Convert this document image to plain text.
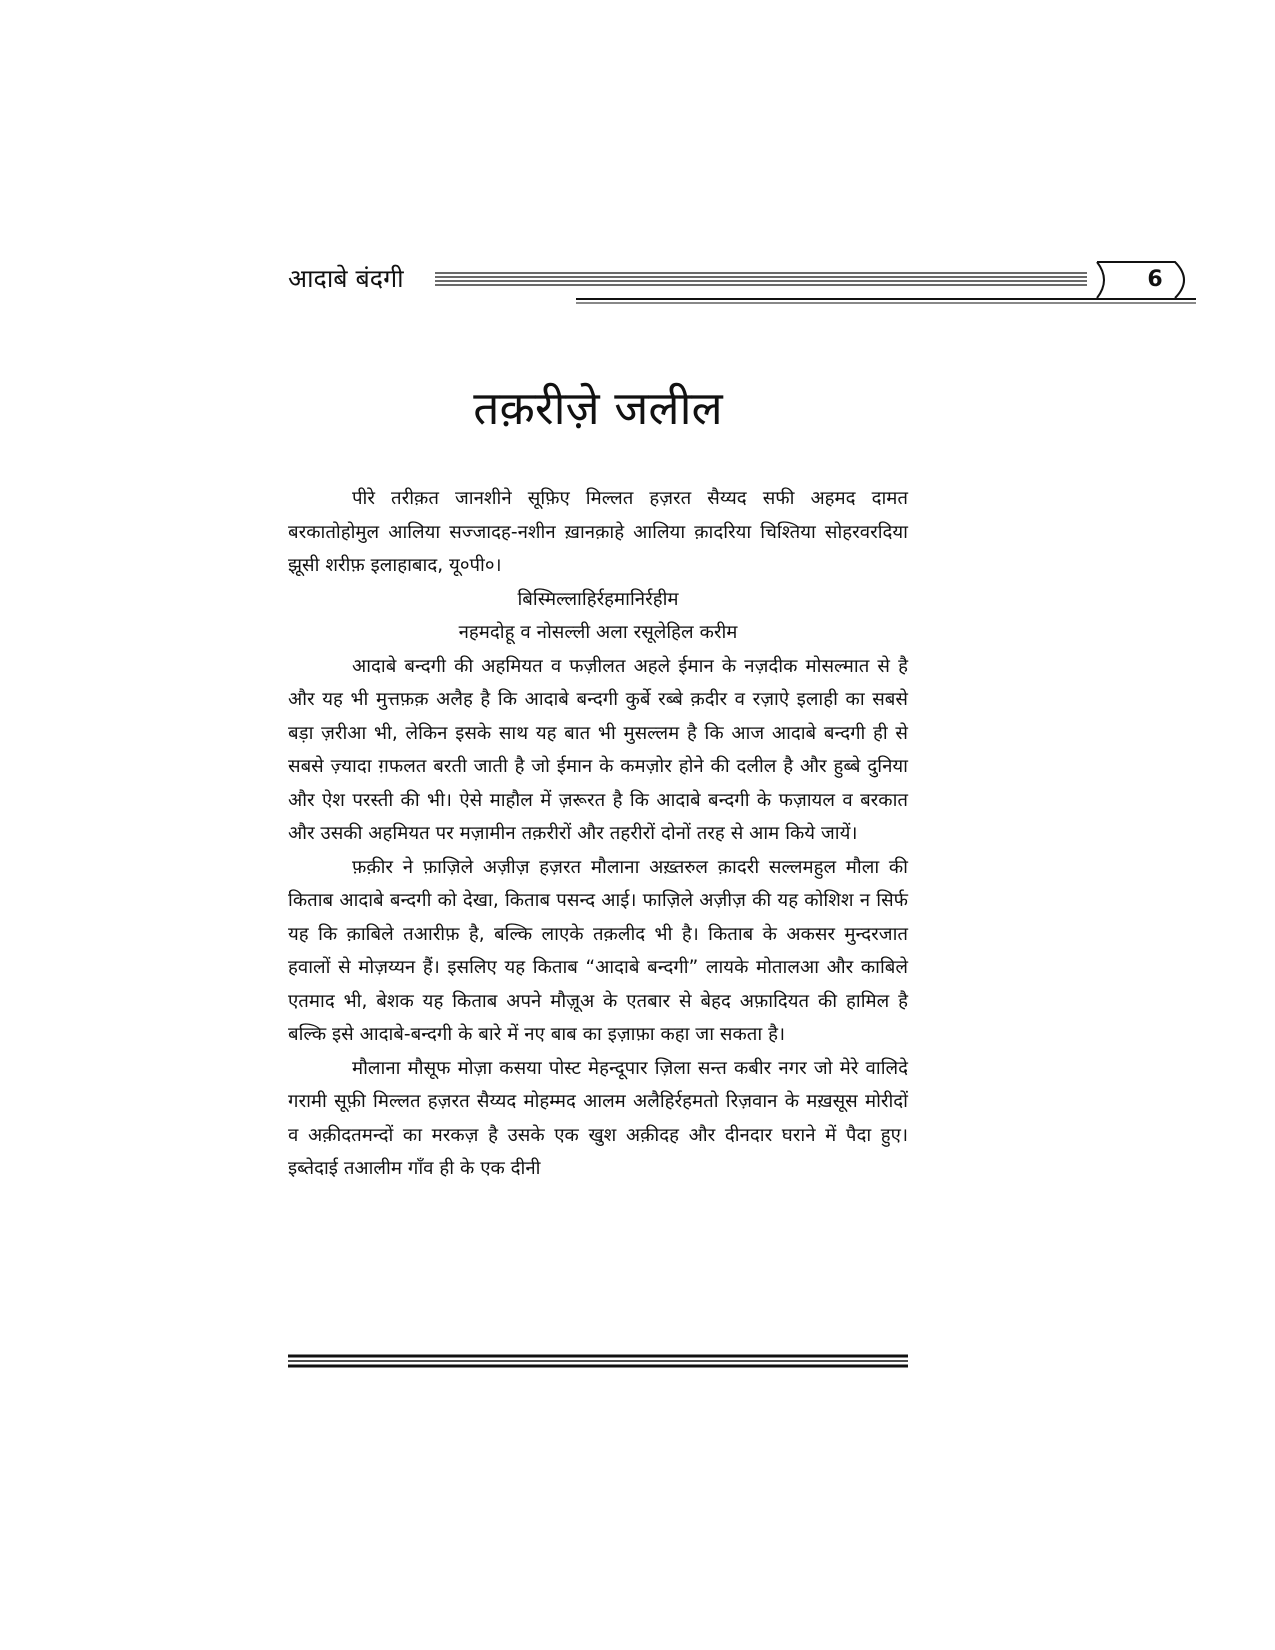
आदाबे बंदगी	6
तक़रीज़े जलील

पीरे तरीक़त जानशीने सूफ़िए मिल्लत हज़रत सैय्यद सफी अहमद दामत बरकातोहोमुल आलिया सज्जादह-नशीन ख़ानक़ाहे आलिया क़ादरिया चिश्तिया सोहरवरदिया झूसी शरीफ़ इलाहाबाद, यू०पी०।

बिस्मिल्लाहिर्रहमानिर्रहीम

नहमदोहू व नोसल्ली अला रसूलेहिल करीम

आदाबे बन्दगी की अहमियत व फज़ीलत अहले ईमान के नज़दीक मोसल्मात से है और यह भी मुत्तफ़क़ अलैह है कि आदाबे बन्दगी कुर्बे रब्बे क़दीर व रज़ाऐ इलाही का सबसे बड़ा ज़रीआ भी, लेकिन इसके साथ यह बात भी मुसल्लम है कि आज आदाबे बन्दगी ही से सबसे ज़्यादा ग़फलत बरती जाती है जो ईमान के कमज़ोर होने की दलील है और हुब्बे दुनिया और ऐश परस्ती की भी। ऐसे माहौल में ज़रूरत है कि आदाबे बन्दगी के फज़ायल व बरकात और उसकी अहमियत पर मज़ामीन तक़रीरों और तहरीरों दोनों तरह से आम किये जायें।

फ़क़ीर ने फ़ाज़िले अज़ीज़ हज़रत मौलाना अख़्तरुल क़ादरी सल्लमहुल मौला की किताब आदाबे बन्दगी को देखा, किताब पसन्द आई। फाज़िले अज़ीज़ की यह कोशिश न सिर्फ यह कि क़ाबिले तआरीफ़ है, बल्कि लाएके तक़लीद भी है। किताब के अकसर मुन्दरजात हवालों से मोज़य्यन हैं। इसलिए यह किताब “आदाबे बन्दगी” लायके मोतालआ और काबिले एतमाद भी, बेशक यह किताब अपने मौज़ूअ के एतबार से बेहद अफ़ादियत की हामिल है बल्कि इसे आदाबे-बन्दगी के बारे में नए बाब का इज़ाफ़ा कहा जा सकता है।

मौलाना मौसूफ मोज़ा कसया पोस्ट मेहन्दूपार ज़िला सन्त कबीर नगर जो मेरे वालिदे गरामी सूफ़ी मिल्लत हज़रत सैय्यद मोहम्मद आलम अलैहिर्रहमतो रिज़वान के मख़सूस मोरीदों व अक़ीदतमन्दों का मरकज़ है उसके एक खुश अक़ीदह और दीनदार घराने में पैदा हुए। इब्तेदाई तआलीम गाँव ही के एक दीनी
